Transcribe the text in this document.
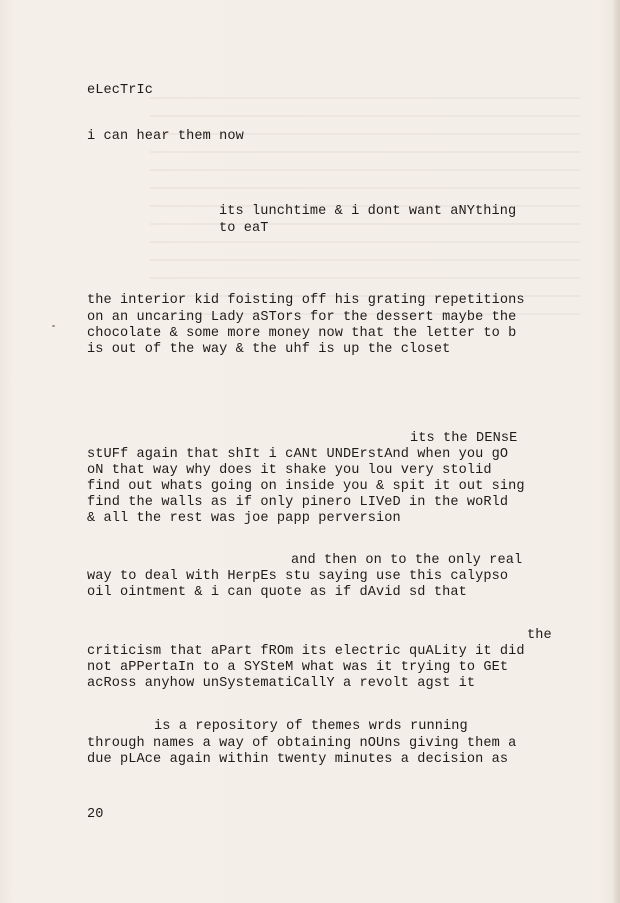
eLecTrIc

i can hear them now

its lunchtime & i dont want aNYthing

to eaT

the interior kid foisting off his grating repetitions

on an uncaring Lady aSTors for the dessert maybe the

chocolate & some more money now that the letter to b

is out of the way & the uhf is up the closet

its the DENsE

stUFf again that shIt i cANt UNDErstAnd when you gO

oN that way why does it shake you lou very stolid

find out whats going on inside you & spit it out sing

find the walls as if only pinero LIVeD in the woRld

& all the rest was joe papp perversion

and then on to the only real

way to deal with HerpEs stu saying use this calypso

oil ointment & i can quote as if dAvid sd that

the

criticism that aPart fROm its electric quALity it did

not aPPertaIn to a SYSteM what was it trying to GEt

acRoss anyhow unSystematiCallY a revolt agst it

is a repository of themes wrds running

through names a way of obtaining nOUns giving them a

due pLAce again within twenty minutes a decision as

20
